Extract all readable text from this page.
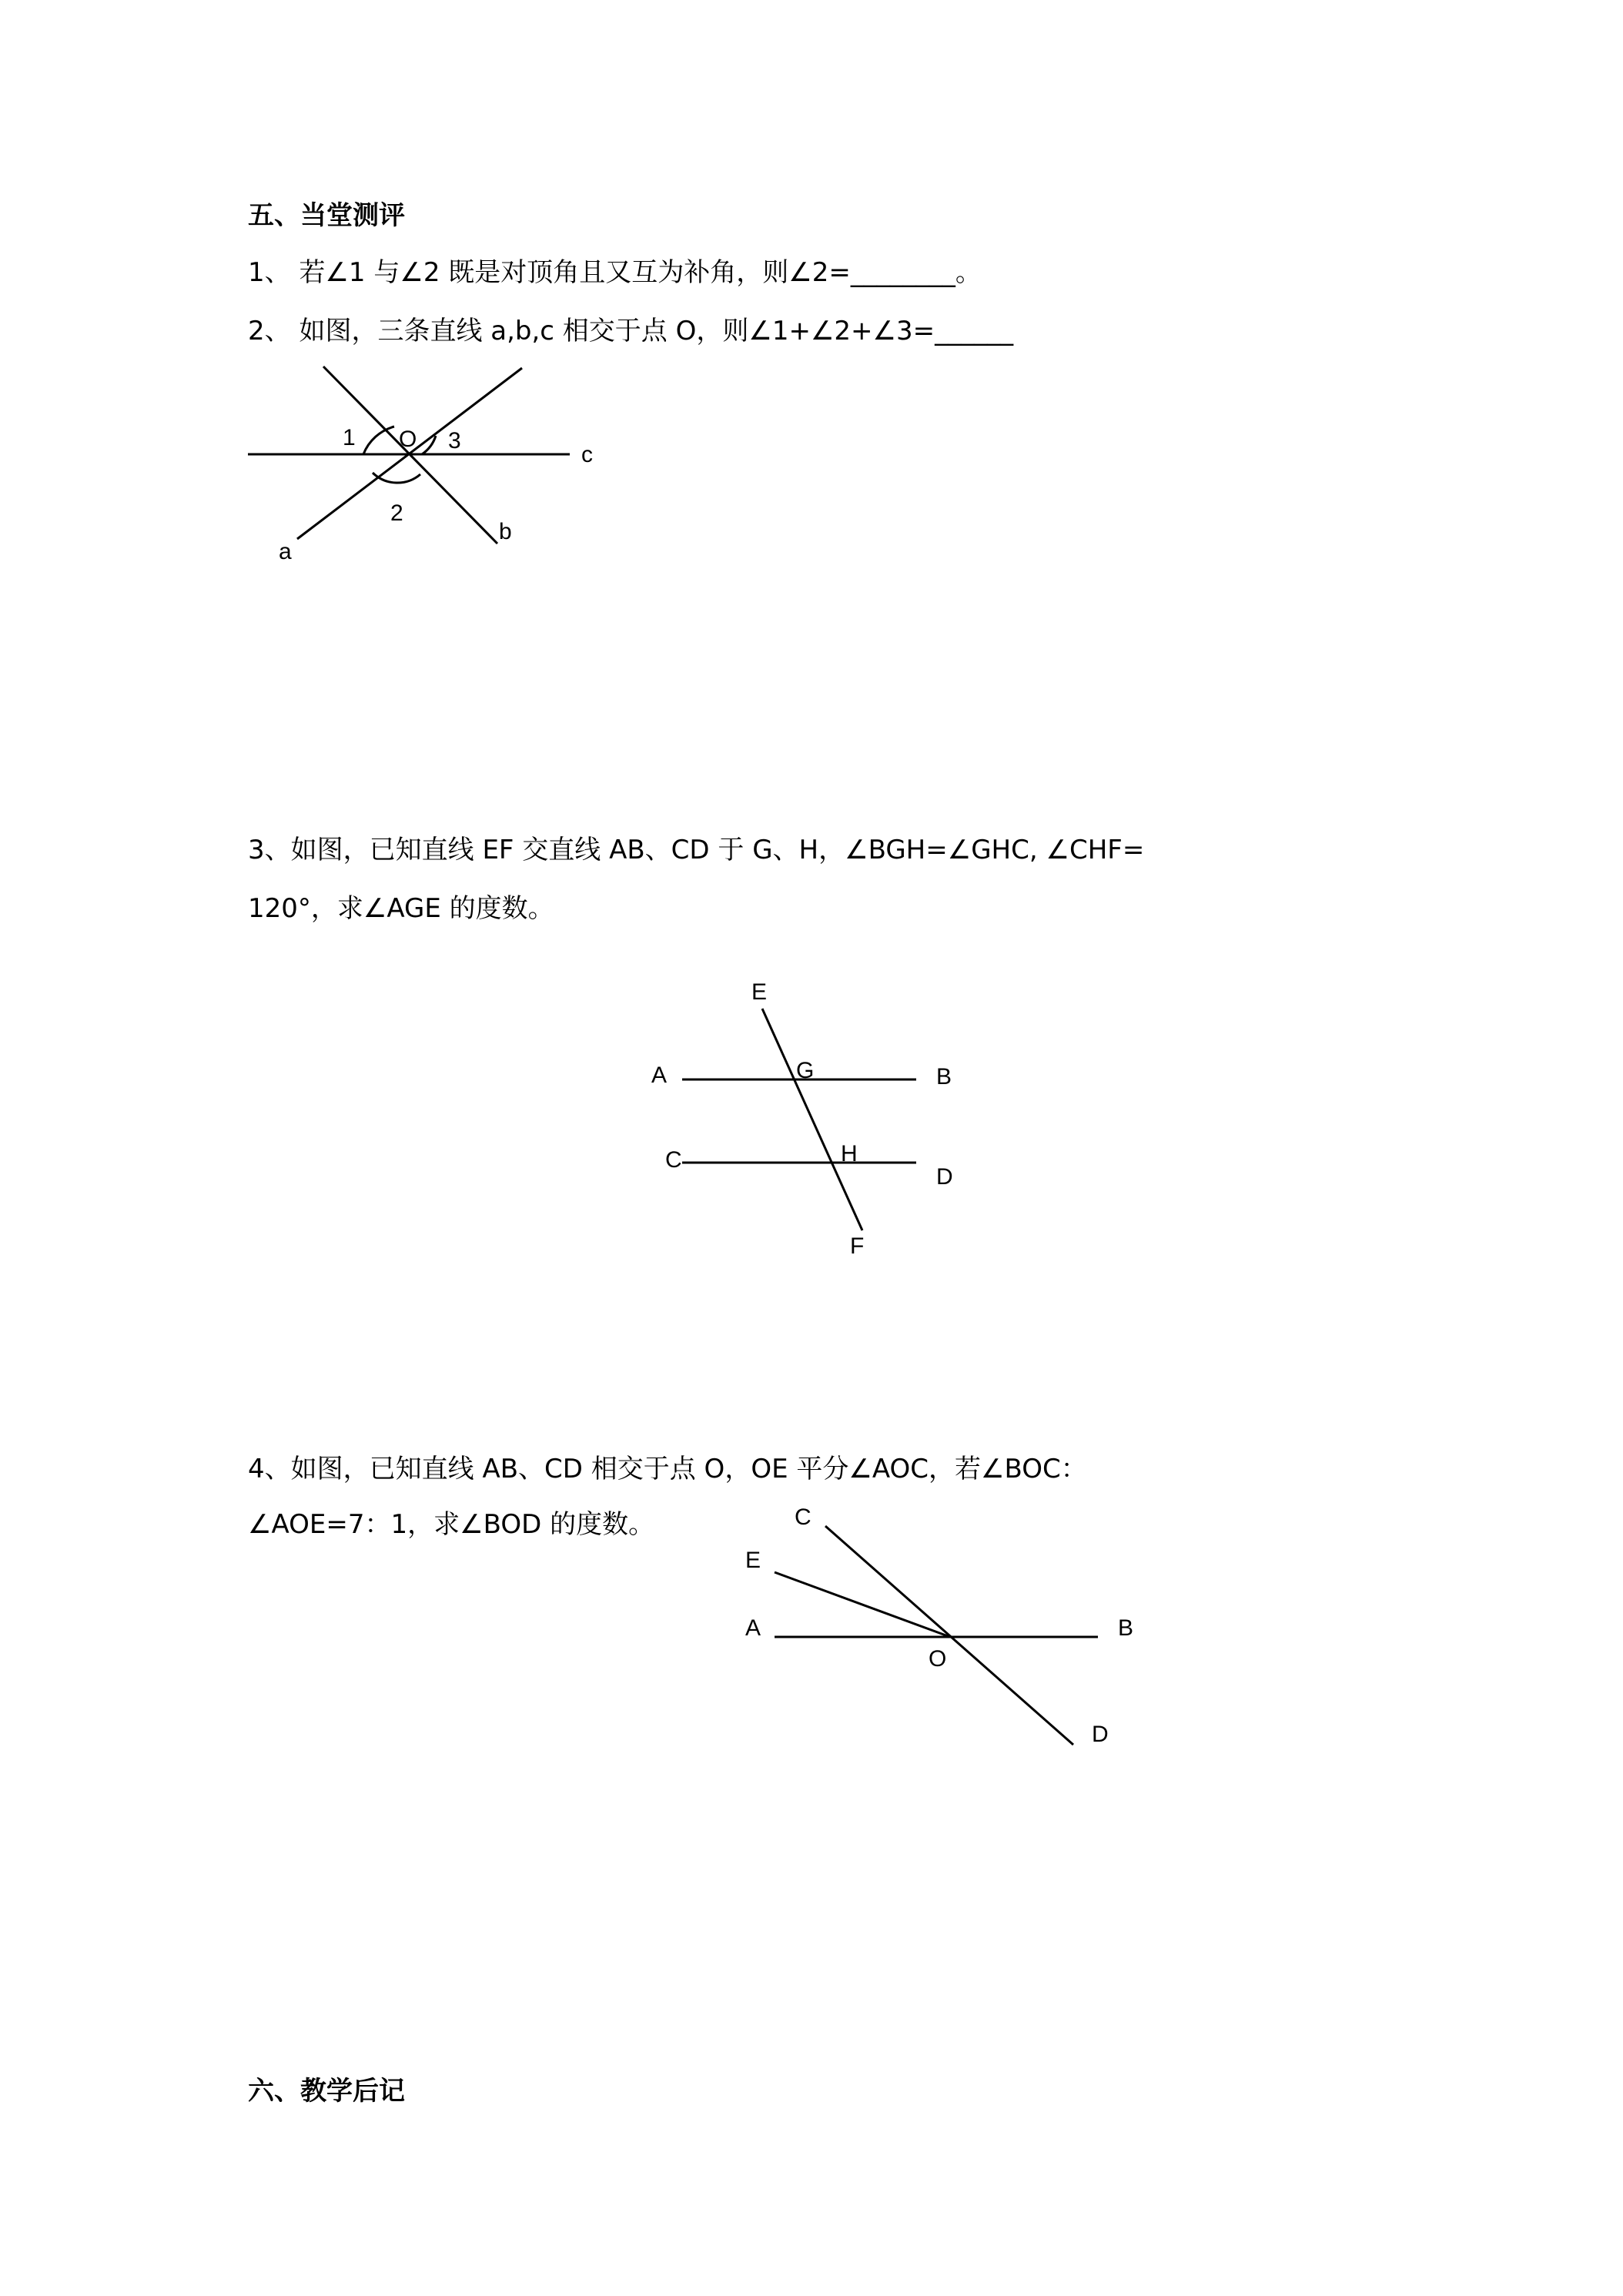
五、当堂测评
1、 若∠1 与∠2 既是对顶角且又互为补角，则∠2=________。
2、 如图，三条直线 a,b,c 相交于点 O，则∠1+∠2+∠3=______
1 O 3
c
2
b
a
3、如图，已知直线 EF 交直线 AB、CD 于 G、H，∠BGH=∠GHC, ∠CHF=
120°，求∠AGE 的度数。
E
A	G	B
C	H
D
F
4、如图，已知直线 AB、CD 相交于点 O，OE 平分∠AOC，若∠BOC：
∠AOE=7：1，求∠BOD 的度数。	C
E
A	B
O
D
六、教学后记
